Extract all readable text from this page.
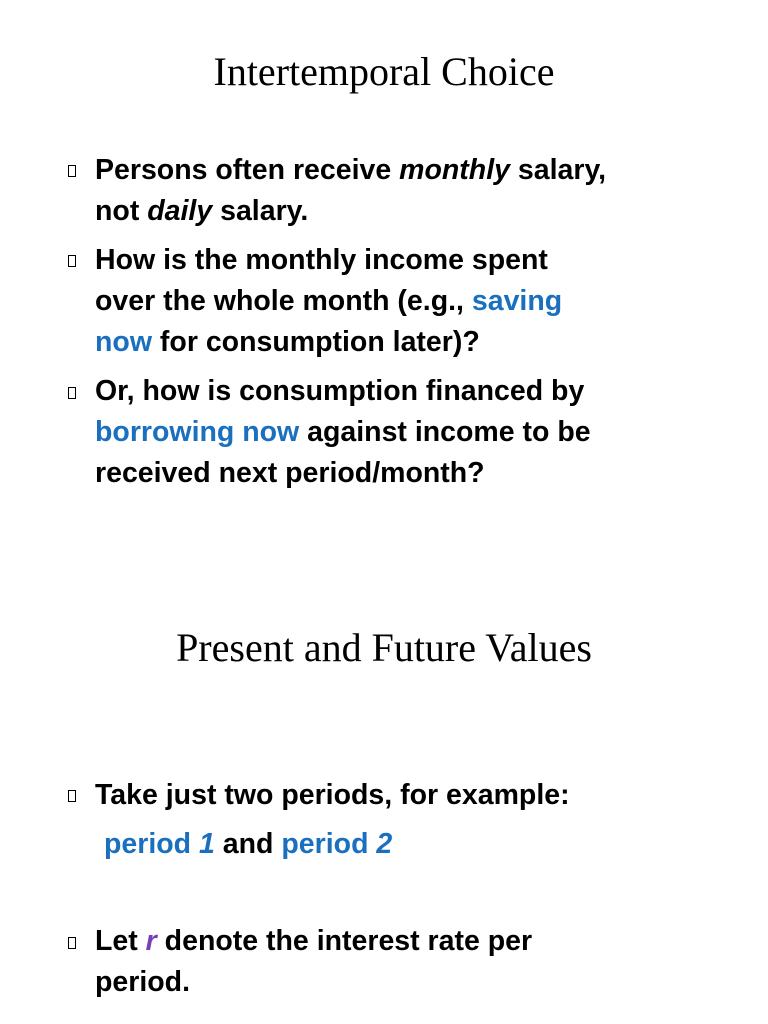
Intertemporal Choice
Persons often receive monthly salary,
not daily salary.
How is the monthly income spent
over the whole month (e.g., saving
now for consumption later)?
Or, how is consumption financed by
borrowing now against income to be
received next period/month?
Present and Future Values
Take just two periods, for example:
period 1 and period 2
Let r denote the interest rate per
period.
